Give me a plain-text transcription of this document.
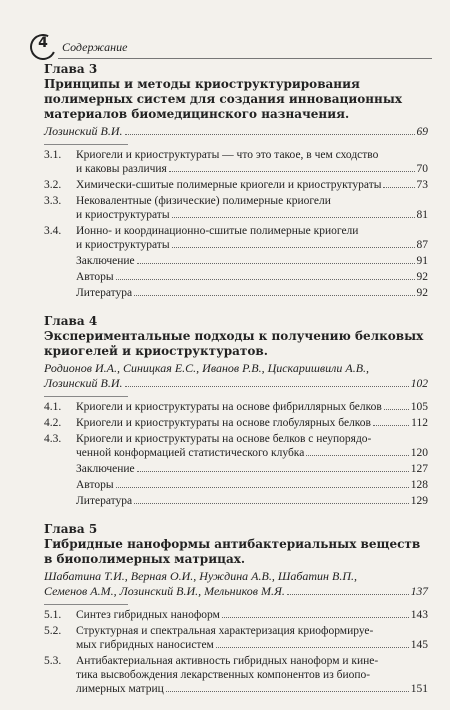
4	Содержание
Глава 3
Принципы и методы криоструктурирования полимерных систем для создания инновационных материалов биомедицинского назначения.
Лозинский В.И.	69
3.1.	Криогели и криоструктураты — что это такое, в чем сходство
и каковы различия	70
3.2.	Химически-сшитые полимерные криогели и криоструктураты	73
3.3.	Нековалентные (физические) полимерные криогели
и криоструктураты	81
3.4.	Ионно- и координационно-сшитые полимерные криогели
и криоструктураты	87
Заключение	91
Авторы	92
Литература	92
Глава 4
Экспериментальные подходы к получению белковых криогелей и криоструктуратов.
Родионов И.А., Синицкая Е.С., Иванов Р.В., Цискаришвили А.В.,
Лозинский В.И.	102
4.1.	Криогели и криоструктураты на основе фибриллярных белков	105
4.2.	Криогели и криоструктураты на основе глобулярных белков	112
4.3.	Криогели и криоструктураты на основе белков с неупорядо-
ченной конформацией статистического клубка	120
Заключение	127
Авторы	128
Литература	129
Глава 5
Гибридные наноформы антибактериальных веществ в биополимерных матрицах.
Шабатина Т.И., Верная О.И., Нуждина А.В., Шабатин В.П.,
Семенов А.М., Лозинский В.И., Мельников М.Я.	137
5.1.	Синтез гибридных наноформ	143
5.2.	Структурная и спектральная характеризация криоформируе-
мых гибридных наносистем	145
5.3.	Антибактериальная активность гибридных наноформ и кине-
тика высвобождения лекарственных компонентов из биопо-
лимерных матриц	151
